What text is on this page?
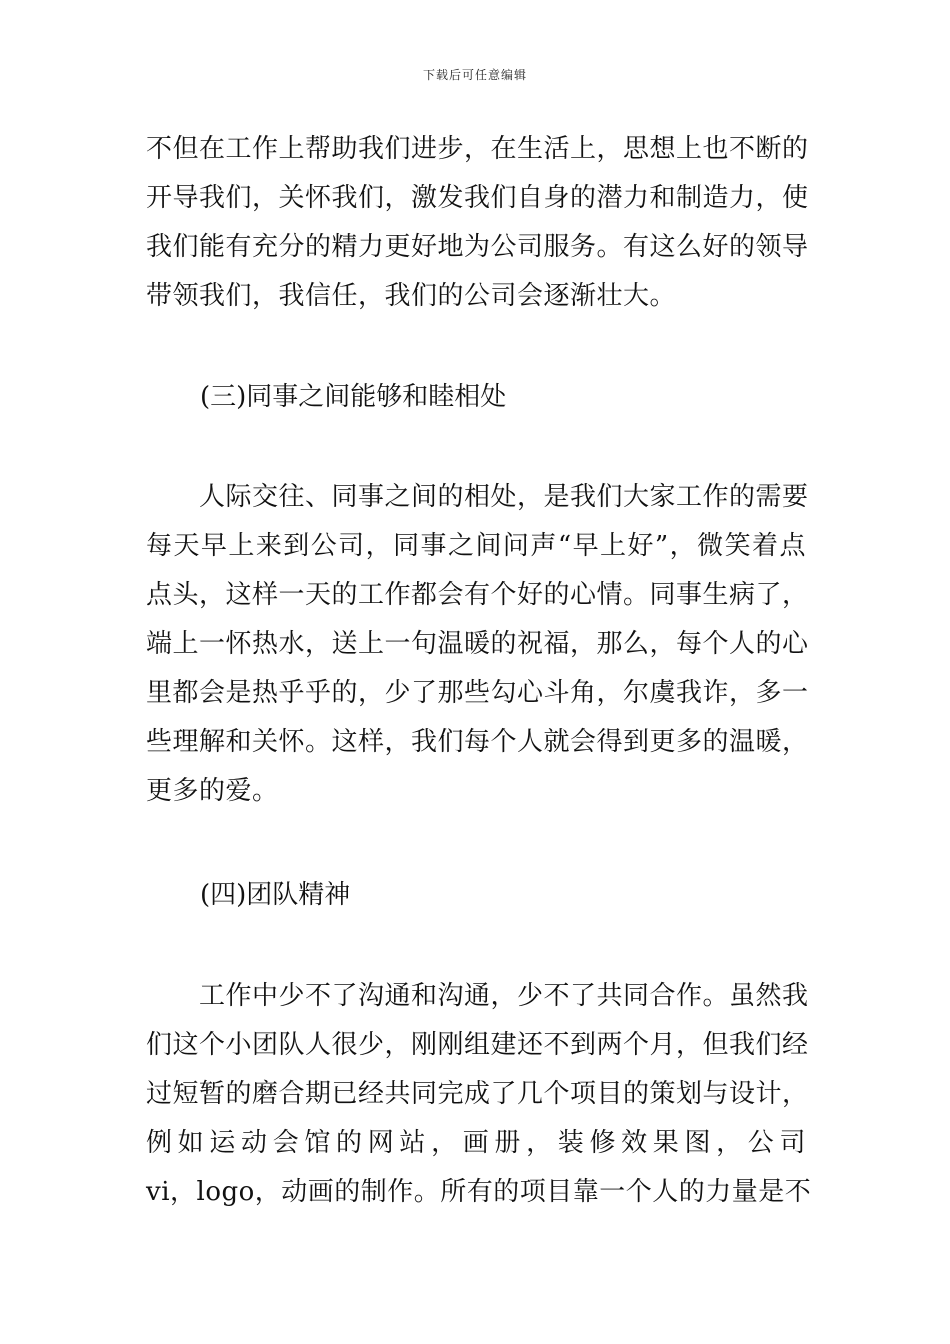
下载后可任意编辑
不但在工作上帮助我们进步，在生活上，思想上也不断的
开导我们，关怀我们，激发我们自身的潜力和制造力，使
我们能有充分的精力更好地为公司服务。有这么好的领导
带领我们，我信任，我们的公司会逐渐壮大。
(三)同事之间能够和睦相处
　　人际交往、同事之间的相处，是我们大家工作的需要
每天早上来到公司，同事之间问声“早上好”，微笑着点
点头，这样一天的工作都会有个好的心情。同事生病了，
端上一怀热水，送上一句温暖的祝福，那么，每个人的心
里都会是热乎乎的，少了那些勾心斗角，尔虞我诈，多一
些理解和关怀。这样，我们每个人就会得到更多的温暖，
更多的爱。
(四)团队精神
　　工作中少不了沟通和沟通，少不了共同合作。虽然我
们这个小团队人很少，刚刚组建还不到两个月，但我们经
过短暂的磨合期已经共同完成了几个项目的策划与设计，
例如运动会馆的网站，画册，装修效果图，公司
vi，logo，动画的制作。所有的项目靠一个人的力量是不
